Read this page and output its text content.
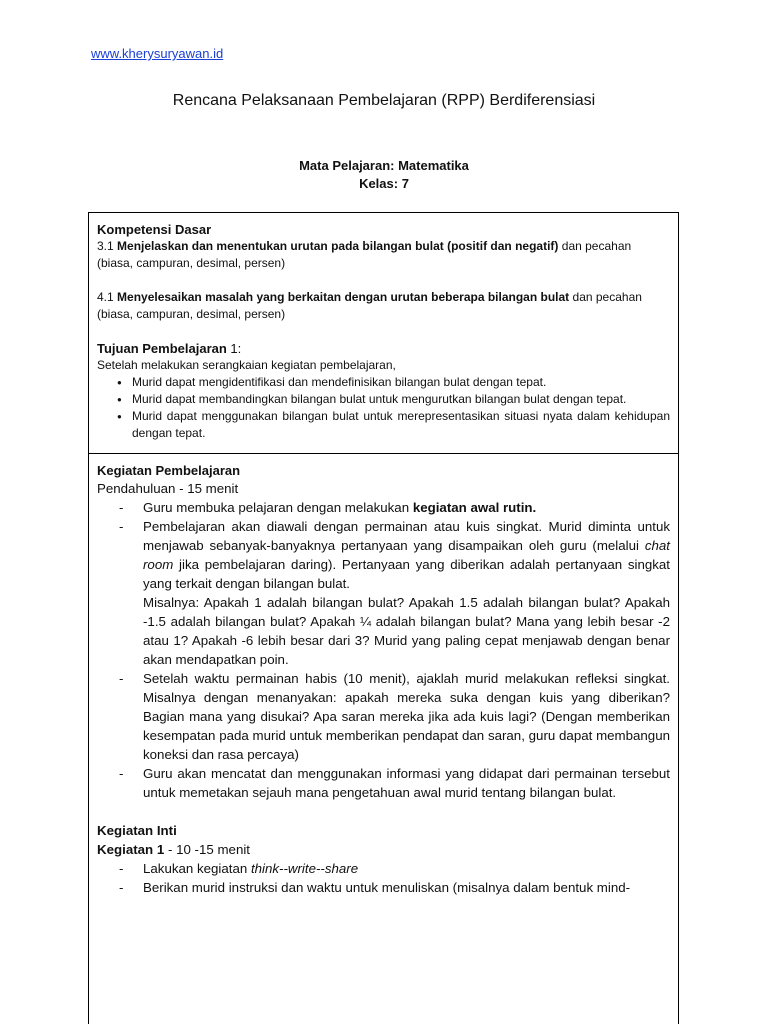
www.kherysuryawan.id
Rencana Pelaksanaan Pembelajaran (RPP) Berdiferensiasi
Mata Pelajaran: Matematika
Kelas: 7
Kompetensi Dasar
3.1 Menjelaskan dan menentukan urutan pada bilangan bulat (positif dan negatif) dan pecahan (biasa, campuran, desimal, persen)
4.1 Menyelesaikan masalah yang berkaitan dengan urutan beberapa bilangan bulat dan pecahan (biasa, campuran, desimal, persen)
Tujuan Pembelajaran 1:
Setelah melakukan serangkaian kegiatan pembelajaran,
● Murid dapat mengidentifikasi dan mendefinisikan bilangan bulat dengan tepat.
● Murid dapat membandingkan bilangan bulat untuk mengurutkan bilangan bulat dengan tepat.
● Murid dapat menggunakan bilangan bulat untuk merepresentasikan situasi nyata dalam kehidupan dengan tepat.
Kegiatan Pembelajaran
Pendahuluan - 15 menit
- Guru membuka pelajaran dengan melakukan kegiatan awal rutin.
- Pembelajaran akan diawali dengan permainan atau kuis singkat. Murid diminta untuk menjawab sebanyak-banyaknya pertanyaan yang disampaikan oleh guru (melalui chat room jika pembelajaran daring). Pertanyaan yang diberikan adalah pertanyaan singkat yang terkait dengan bilangan bulat.
Misalnya: Apakah 1 adalah bilangan bulat? Apakah 1.5 adalah bilangan bulat? Apakah -1.5 adalah bilangan bulat? Apakah ¼ adalah bilangan bulat? Mana yang lebih besar -2 atau 1? Apakah -6 lebih besar dari 3? Murid yang paling cepat menjawab dengan benar akan mendapatkan poin.
- Setelah waktu permainan habis (10 menit), ajaklah murid melakukan refleksi singkat. Misalnya dengan menanyakan: apakah mereka suka dengan kuis yang diberikan? Bagian mana yang disukai? Apa saran mereka jika ada kuis lagi? (Dengan memberikan kesempatan pada murid untuk memberikan pendapat dan saran, guru dapat membangun koneksi dan rasa percaya)
- Guru akan mencatat dan menggunakan informasi yang didapat dari permainan tersebut untuk memetakan sejauh mana pengetahuan awal murid tentang bilangan bulat.
Kegiatan Inti
Kegiatan 1 - 10 -15 menit
- Lakukan kegiatan think--write--share
- Berikan murid instruksi dan waktu untuk menuliskan (misalnya dalam bentuk mind-
